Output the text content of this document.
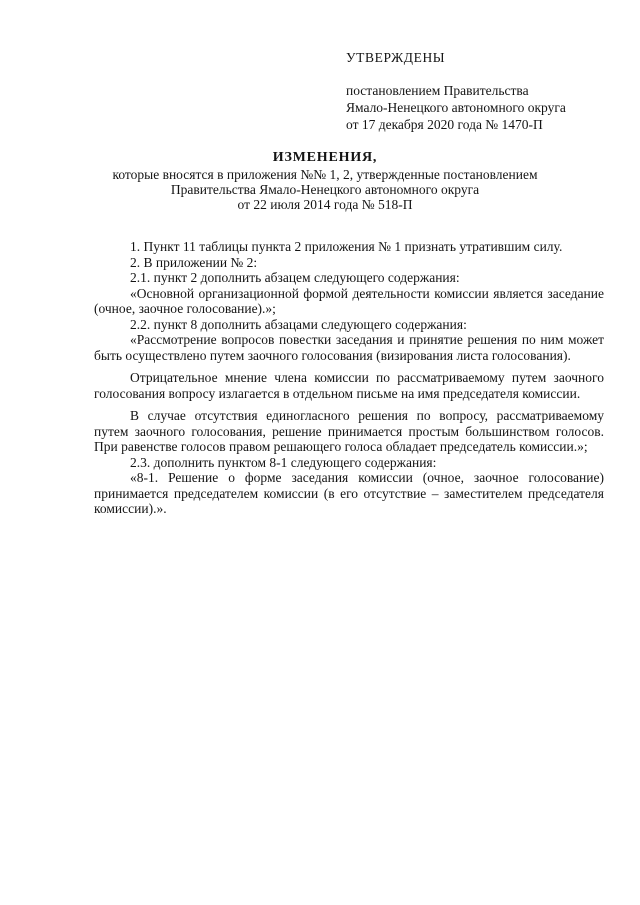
УТВЕРЖДЕНЫ
постановлением Правительства
Ямало-Ненецкого автономного округа
от 17 декабря 2020 года № 1470-П
ИЗМЕНЕНИЯ,
которые вносятся в приложения №№ 1, 2, утвержденные постановлением
Правительства Ямало-Ненецкого автономного округа
от 22 июля 2014 года № 518-П

1. Пункт 11 таблицы пункта 2 приложения № 1 признать утратившим силу.

2. В приложении № 2:

2.1. пункт 2 дополнить абзацем следующего содержания:

«Основной организационной формой деятельности комиссии является заседание (очное, заочное голосование).»;

2.2. пункт 8 дополнить абзацами следующего содержания:

«Рассмотрение вопросов повестки заседания и принятие решения по ним может быть осуществлено путем заочного голосования (визирования листа голосования).

Отрицательное мнение члена комиссии по рассматриваемому путем заочного голосования вопросу излагается в отдельном письме на имя председателя комиссии.

В случае отсутствия единогласного решения по вопросу, рассматриваемому путем заочного голосования, решение принимается простым большинством голосов. При равенстве голосов правом решающего голоса обладает председатель комиссии.»;

2.3. дополнить пунктом 8-1 следующего содержания:

«8-1. Решение о форме заседания комиссии (очное, заочное голосование) принимается председателем комиссии (в его отсутствие – заместителем председателя комиссии).».
